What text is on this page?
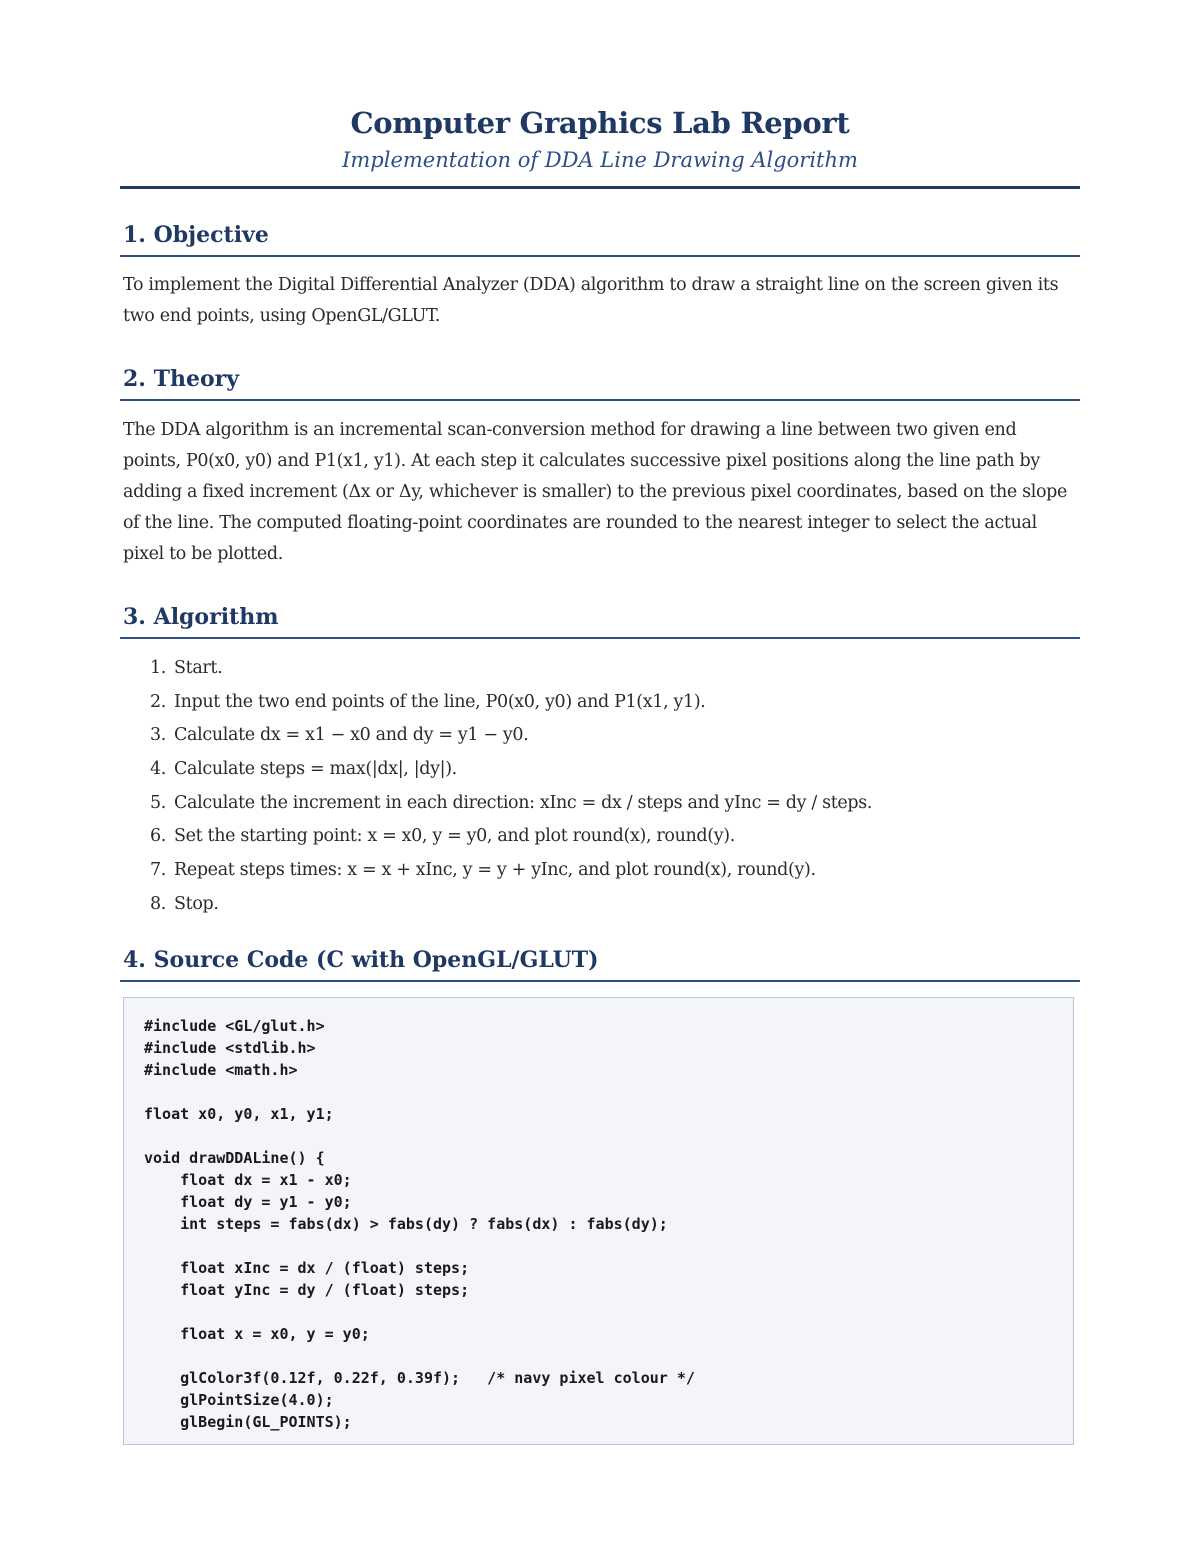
Computer Graphics Lab Report
Implementation of DDA Line Drawing Algorithm
1. Objective

To implement the Digital Differential Analyzer (DDA) algorithm to draw a straight line on the screen given its two end points, using OpenGL/GLUT.

2. Theory

The DDA algorithm is an incremental scan-conversion method for drawing a line between two given end points, P0(x0, y0) and P1(x1, y1). At each step it calculates successive pixel positions along the line path by adding a fixed increment (Δx or Δy, whichever is smaller) to the previous pixel coordinates, based on the slope of the line. The computed floating-point coordinates are rounded to the nearest integer to select the actual pixel to be plotted.

3. Algorithm
1. Start.
2. Input the two end points of the line, P0(x0, y0) and P1(x1, y1).
3. Calculate dx = x1 − x0 and dy = y1 − y0.
4. Calculate steps = max(|dx|, |dy|).
5. Calculate the increment in each direction: xInc = dx / steps and yInc = dy / steps.
6. Set the starting point: x = x0, y = y0, and plot round(x), round(y).
7. Repeat steps times: x = x + xInc, y = y + yInc, and plot round(x), round(y).
8. Stop.
4. Source Code (C with OpenGL/GLUT)
#include <GL/glut.h>
#include <stdlib.h>
#include <math.h>

float x0, y0, x1, y1;

void drawDDALine() {
float dx = x1 - x0;
float dy = y1 - y0;
int steps = fabs(dx) > fabs(dy) ? fabs(dx) : fabs(dy);

float xInc = dx / (float) steps;
float yInc = dy / (float) steps;

float x = x0, y = y0;

glColor3f(0.12f, 0.22f, 0.39f);   /* navy pixel colour */
glPointSize(4.0);
glBegin(GL_POINTS);
